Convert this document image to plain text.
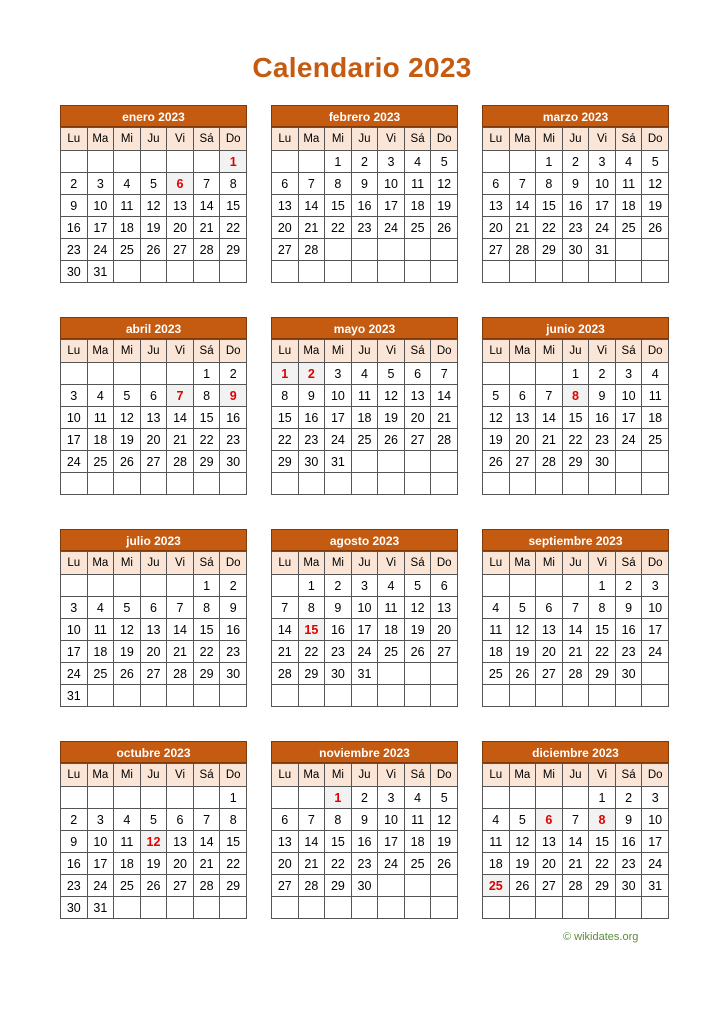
Calendario 2023
enero 2023
Lu	Ma	Mi	Ju	Vi	Sá	Do
						1
2	3	4	5	6	7	8
9	10	11	12	13	14	15
16	17	18	19	20	21	22
23	24	25	26	27	28	29
30	31					
febrero 2023
Lu	Ma	Mi	Ju	Vi	Sá	Do
		1	2	3	4	5
6	7	8	9	10	11	12
13	14	15	16	17	18	19
20	21	22	23	24	25	26
27	28					

marzo 2023
Lu	Ma	Mi	Ju	Vi	Sá	Do
		1	2	3	4	5
6	7	8	9	10	11	12
13	14	15	16	17	18	19
20	21	22	23	24	25	26
27	28	29	30	31		

abril 2023
Lu	Ma	Mi	Ju	Vi	Sá	Do
					1	2
3	4	5	6	7	8	9
10	11	12	13	14	15	16
17	18	19	20	21	22	23
24	25	26	27	28	29	30

mayo 2023
Lu	Ma	Mi	Ju	Vi	Sá	Do
1	2	3	4	5	6	7
8	9	10	11	12	13	14
15	16	17	18	19	20	21
22	23	24	25	26	27	28
29	30	31				

junio 2023
Lu	Ma	Mi	Ju	Vi	Sá	Do
			1	2	3	4
5	6	7	8	9	10	11
12	13	14	15	16	17	18
19	20	21	22	23	24	25
26	27	28	29	30		

julio 2023
Lu	Ma	Mi	Ju	Vi	Sá	Do
					1	2
3	4	5	6	7	8	9
10	11	12	13	14	15	16
17	18	19	20	21	22	23
24	25	26	27	28	29	30
31						
agosto 2023
Lu	Ma	Mi	Ju	Vi	Sá	Do
	1	2	3	4	5	6
7	8	9	10	11	12	13
14	15	16	17	18	19	20
21	22	23	24	25	26	27
28	29	30	31			

septiembre 2023
Lu	Ma	Mi	Ju	Vi	Sá	Do
				1	2	3
4	5	6	7	8	9	10
11	12	13	14	15	16	17
18	19	20	21	22	23	24
25	26	27	28	29	30	

octubre 2023
Lu	Ma	Mi	Ju	Vi	Sá	Do
						1
2	3	4	5	6	7	8
9	10	11	12	13	14	15
16	17	18	19	20	21	22
23	24	25	26	27	28	29
30	31					
noviembre 2023
Lu	Ma	Mi	Ju	Vi	Sá	Do
		1	2	3	4	5
6	7	8	9	10	11	12
13	14	15	16	17	18	19
20	21	22	23	24	25	26
27	28	29	30			

diciembre 2023
Lu	Ma	Mi	Ju	Vi	Sá	Do
				1	2	3
4	5	6	7	8	9	10
11	12	13	14	15	16	17
18	19	20	21	22	23	24
25	26	27	28	29	30	31

© wikidates.org
